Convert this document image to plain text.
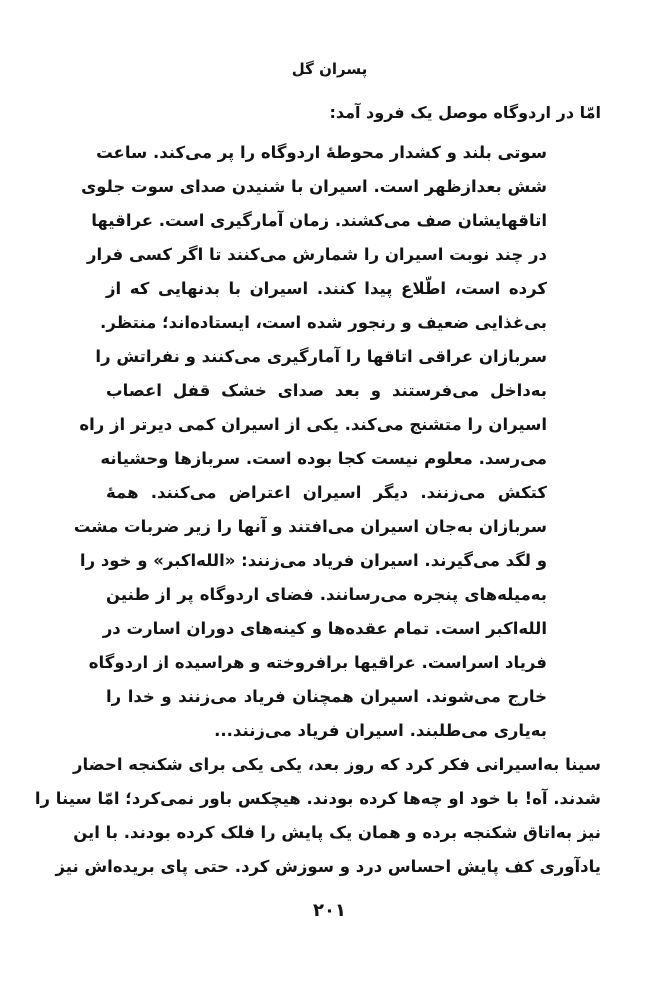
پسران گل
امّا در اردوگاه موصل یک فرود آمد:
سوتی بلند و کشدار محوطهٔ اردوگاه را پر می‌کند. ساعت
شش بعدازظهر است. اسیران با شنیدن صدای سوت جلوی
اتاقهایشان صف می‌کشند. زمان آمارگیری است. عراقیها
در چند نوبت اسیران را شمارش می‌کنند تا اگر کسی فرار
کرده است، اطّلاع پیدا کنند. اسیران با بدنهایی که از
بی‌غذایی ضعیف و رنجور شده است، ایستاده‌اند؛ منتظر.
سربازان عراقی اتاقها را آمارگیری می‌کنند و نفراتش را
به‌داخل می‌فرستند و بعد صدای خشک قفل اعصاب
اسیران را متشنج می‌کند. یکی از اسیران کمی دیرتر از راه
می‌رسد. معلوم نیست کجا بوده است. سربازها وحشیانه
کتکش می‌زنند. دیگر اسیران اعتراض می‌کنند. همهٔ
سربازان به‌جان اسیران می‌افتند و آنها را زیر ضربات مشت
و لگد می‌گیرند. اسیران فریاد می‌زنند: «الله‌اکبر» و خود را
به‌میله‌های پنجره می‌رسانند. فضای اردوگاه پر از طنین
الله‌اکبر است. تمام عقده‌ها و کینه‌های دوران اسارت در
فریاد اسراست. عراقیها برافروخته و هراسیده از اردوگاه
خارج می‌شوند. اسیران همچنان فریاد می‌زنند و خدا را
به‌یاری می‌طلبند. اسیران فریاد می‌زنند...
سینا به‌اسیرانی فکر کرد که روز بعد، یکی یکی برای شکنجه احضار
شدند. آه! با خود او چه‌ها کرده بودند. هیچکس باور نمی‌کرد؛ امّا سینا را
نیز به‌اتاق شکنجه برده و همان یک پایش را فلک کرده بودند. با این
یادآوری کف پایش احساس درد و سوزش کرد. حتی پای بریده‌اش نیز
۲۰۱
